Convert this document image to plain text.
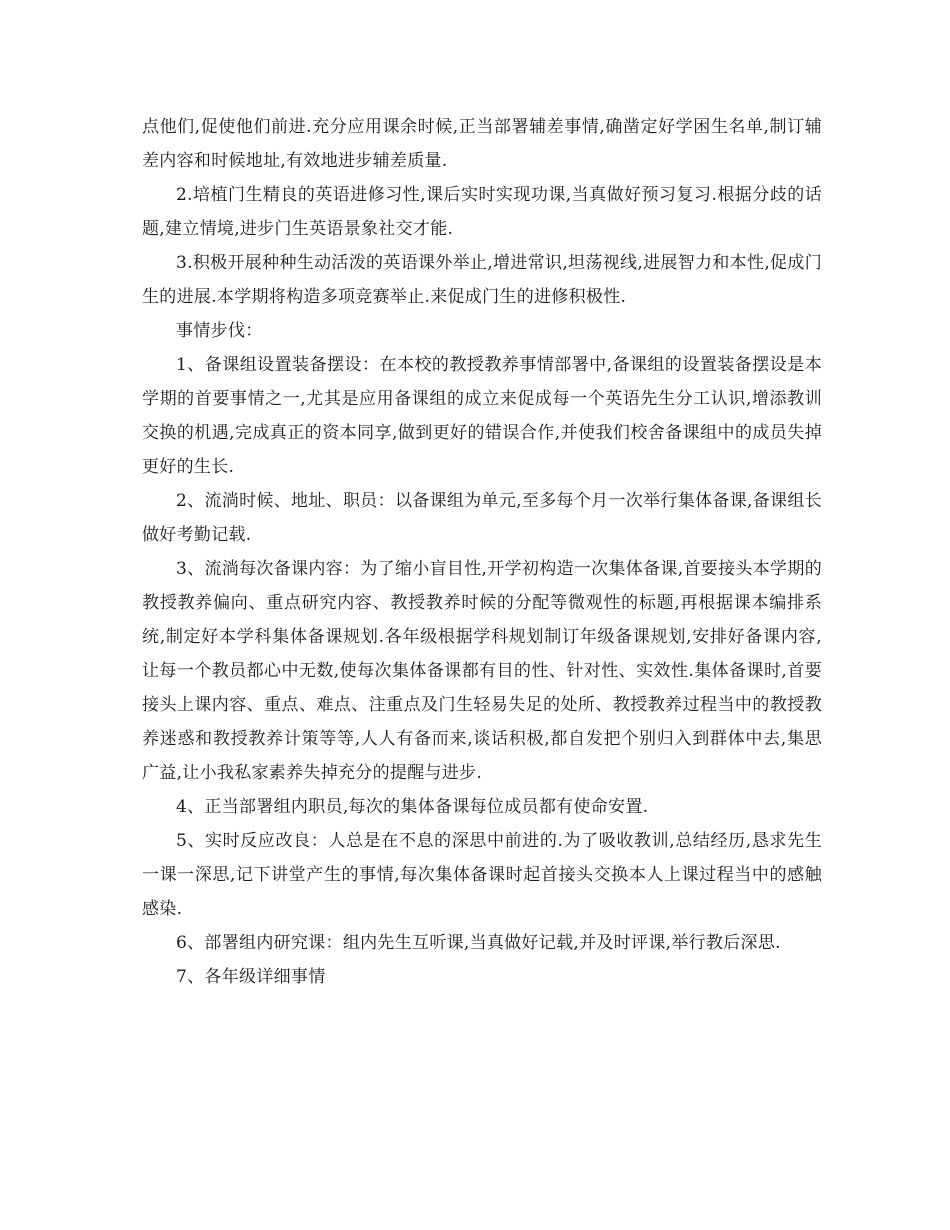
点他们,促使他们前进.充分应用课余时候,正当部署辅差事情,确凿定好学困生名单,制订辅差内容和时候地址,有效地进步辅差质量.

2.培植门生精良的英语进修习性,课后实时实现功课,当真做好预习复习.根据分歧的话题,建立情境,进步门生英语景象社交才能.

3.积极开展种种生动活泼的英语课外举止,增进常识,坦荡视线,进展智力和本性,促成门生的进展.本学期将构造多项竞赛举止.来促成门生的进修积极性.

事情步伐：

1、备课组设置装备摆设：在本校的教授教养事情部署中,备课组的设置装备摆设是本学期的首要事情之一,尤其是应用备课组的成立来促成每一个英语先生分工认识,增添教训交换的机遇,完成真正的资本同享,做到更好的错误合作,并使我们校舍备课组中的成员失掉更好的生长.

2、流淌时候、地址、职员：以备课组为单元,至多每个月一次举行集体备课,备课组长做好考勤记载.

3、流淌每次备课内容：为了缩小盲目性,开学初构造一次集体备课,首要接头本学期的教授教养偏向、重点研究内容、教授教养时候的分配等微观性的标题,再根据课本编排系统,制定好本学科集体备课规划.各年级根据学科规划制订年级备课规划,安排好备课内容,让每一个教员都心中无数,使每次集体备课都有目的性、针对性、实效性.集体备课时,首要接头上课内容、重点、难点、注重点及门生轻易失足的处所、教授教养过程当中的教授教养迷惑和教授教养计策等等,人人有备而来,谈话积极,都自发把个别归入到群体中去,集思广益,让小我私家素养失掉充分的提醒与进步.

4、正当部署组内职员,每次的集体备课每位成员都有使命安置.

5、实时反应改良：人总是在不息的深思中前进的.为了吸收教训,总结经历,恳求先生一课一深思,记下讲堂产生的事情,每次集体备课时起首接头交换本人上课过程当中的感触感染.

6、部署组内研究课：组内先生互听课,当真做好记载,并及时评课,举行教后深思.

7、各年级详细事情
